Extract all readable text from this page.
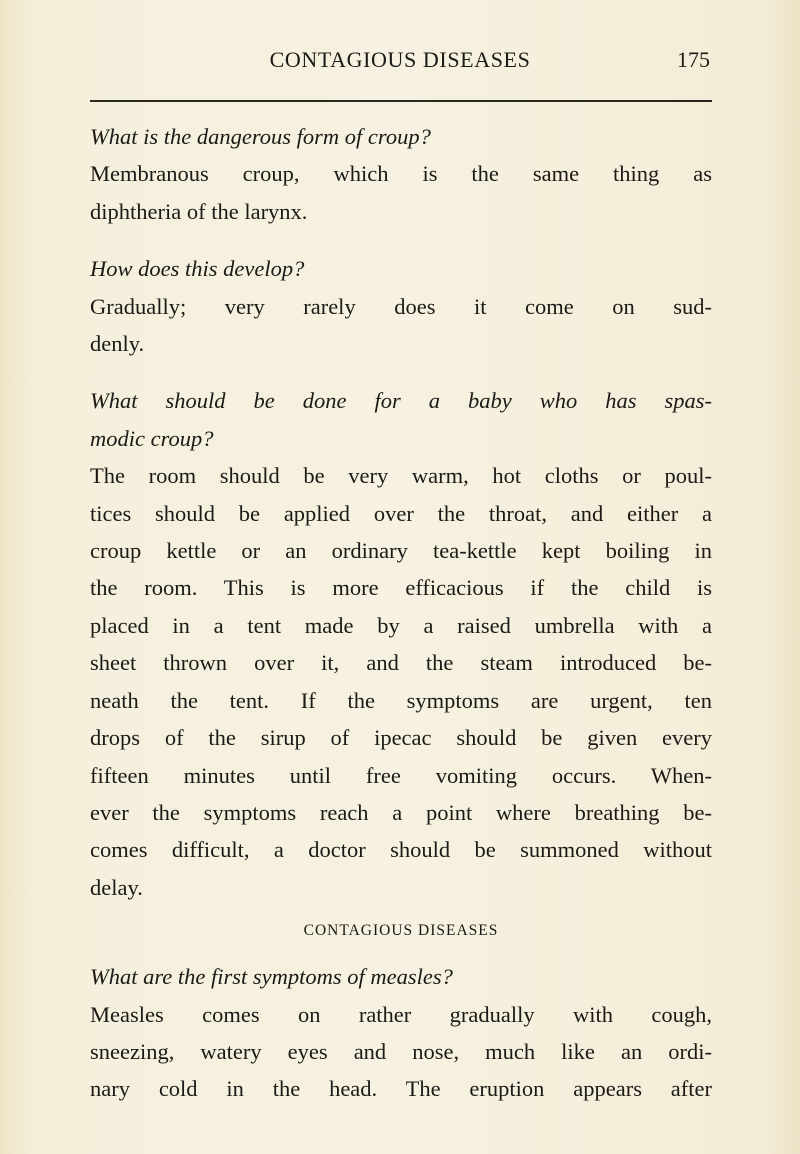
CONTAGIOUS DISEASES	175

What is the dangerous form of croup?

Membranous croup, which is the same thing as
diphtheria of the larynx.

How does this develop?

Gradually; very rarely does it come on sud-
denly.

What should be done for a baby who has spas-
modic croup?

The room should be very warm, hot cloths or poul-
tices should be applied over the throat, and either a
croup kettle or an ordinary tea-kettle kept boiling in
the room. This is more efficacious if the child is
placed in a tent made by a raised umbrella with a
sheet thrown over it, and the steam introduced be-
neath the tent. If the symptoms are urgent, ten
drops of the sirup of ipecac should be given every
fifteen minutes until free vomiting occurs. When-
ever the symptoms reach a point where breathing be-
comes difficult, a doctor should be summoned without
delay.

CONTAGIOUS DISEASES

What are the first symptoms of measles?

Measles comes on rather gradually with cough,
sneezing, watery eyes and nose, much like an ordi-
nary cold in the head. The eruption appears after
